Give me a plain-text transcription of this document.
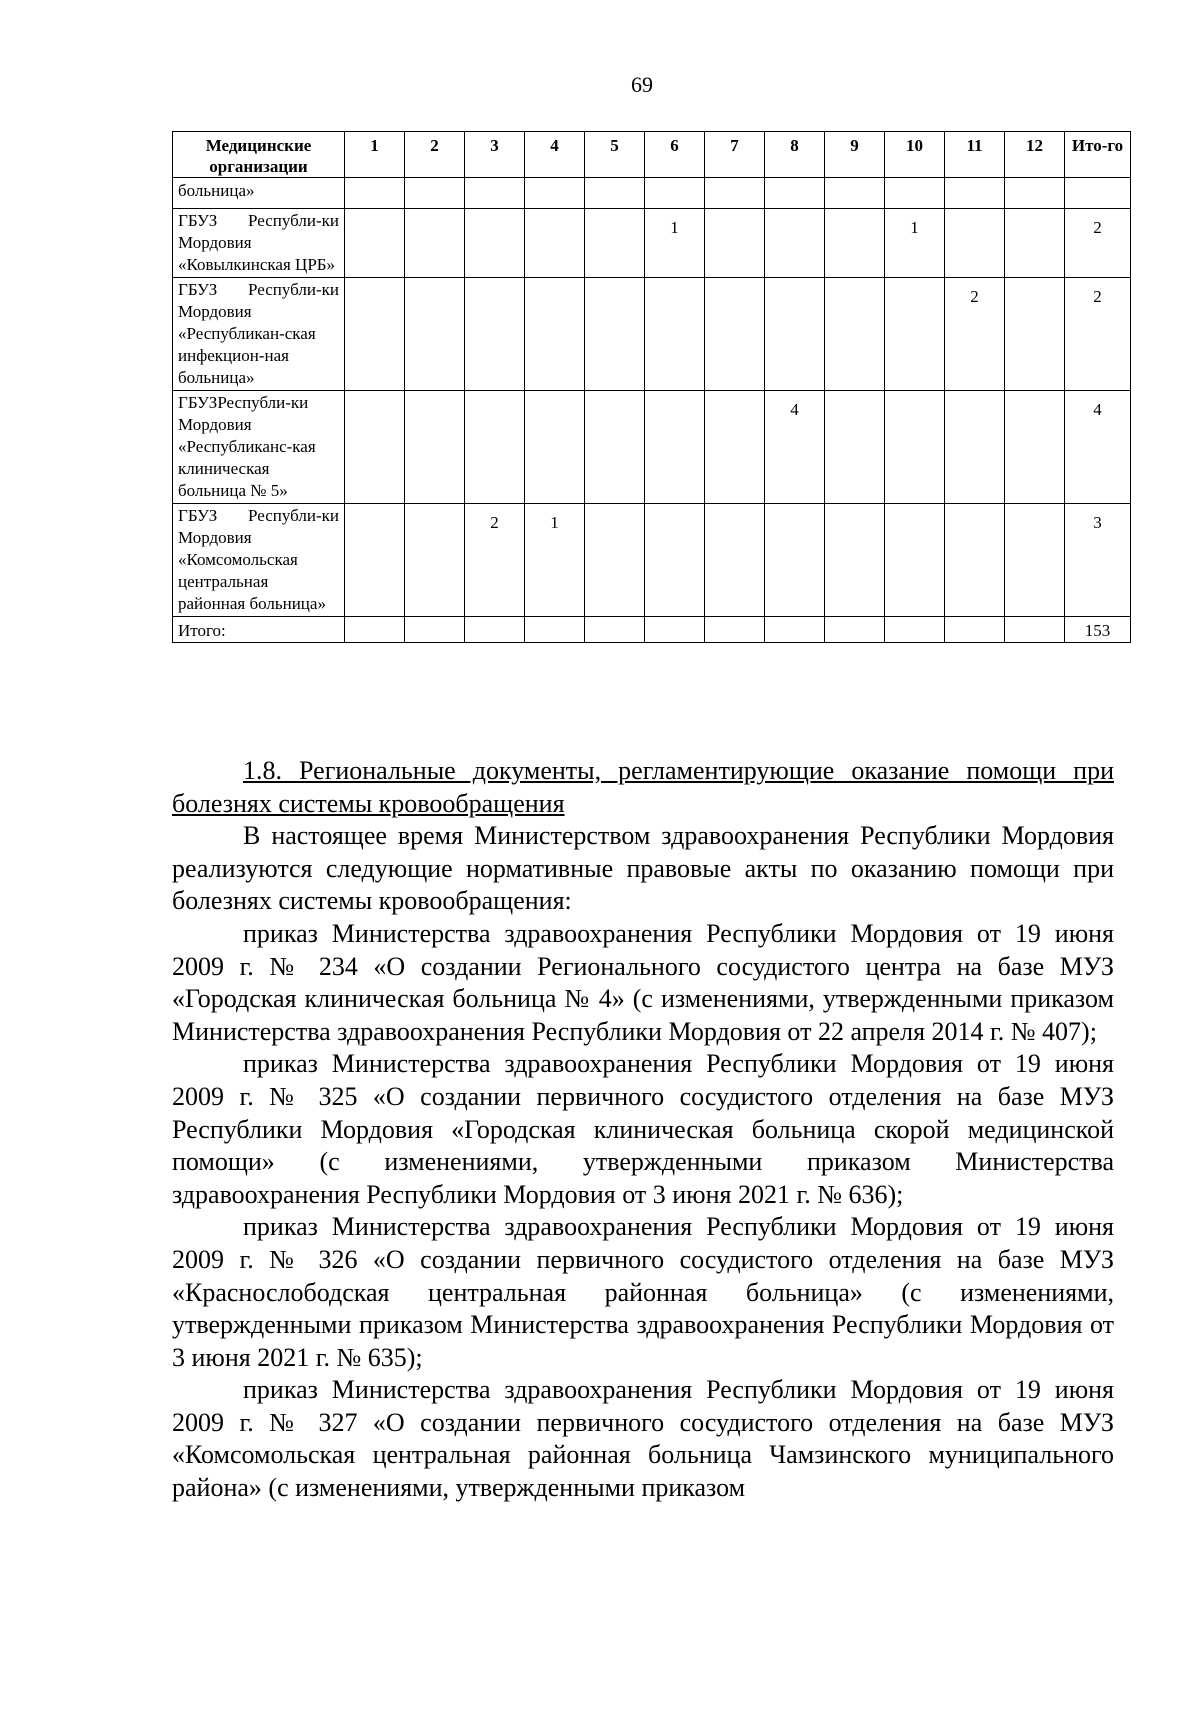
69
Медицинские организации	1	2	3	4	5	6	7	8	9	10	11	12	Ито-го
больница»													
ГБУЗ Республи-ки Мордовия «Ковылкинская ЦРБ»						1				1			2
ГБУЗ Республи-ки Мордовия «Республикан-ская инфекцион-ная больница»											2		2
ГБУЗРеспубли-ки Мордовия «Республиканс-кая клиническая больница № 5»								4					4
ГБУЗ Республи-ки Мордовия «Комсомольская центральная районная больница»			2	1									3
Итого:													153

1.8. Региональные документы, регламентирующие оказание помощи при болезнях системы кровообращения

В настоящее время Министерством здравоохранения Республики Мордовия реализуются следующие нормативные правовые акты по оказанию помощи при болезнях системы кровообращения:

приказ Министерства здравоохранения Республики Мордовия от 19 июня 2009 г. № 234 «О создании Регионального сосудистого центра на базе МУЗ «Городская клиническая больница № 4» (с изменениями, утвержденными приказом Министерства здравоохранения Республики Мордовия от 22 апреля 2014 г. № 407);

приказ Министерства здравоохранения Республики Мордовия от 19 июня 2009 г. № 325 «О создании первичного сосудистого отделения на базе МУЗ Республики Мордовия «Городская клиническая больница скорой медицинской помощи» (с изменениями, утвержденными приказом Министерства здравоохранения Республики Мордовия от 3 июня 2021 г. № 636);

приказ Министерства здравоохранения Республики Мордовия от 19 июня 2009 г. № 326 «О создании первичного сосудистого отделения на базе МУЗ «Краснослободская центральная районная больница» (с изменениями, утвержденными приказом Министерства здравоохранения Республики Мордовия от 3 июня 2021 г. № 635);

приказ Министерства здравоохранения Республики Мордовия от 19 июня 2009 г. № 327 «О создании первичного сосудистого отделения на базе МУЗ «Комсомольская центральная районная больница Чамзинского муниципального района» (с изменениями, утвержденными приказом
